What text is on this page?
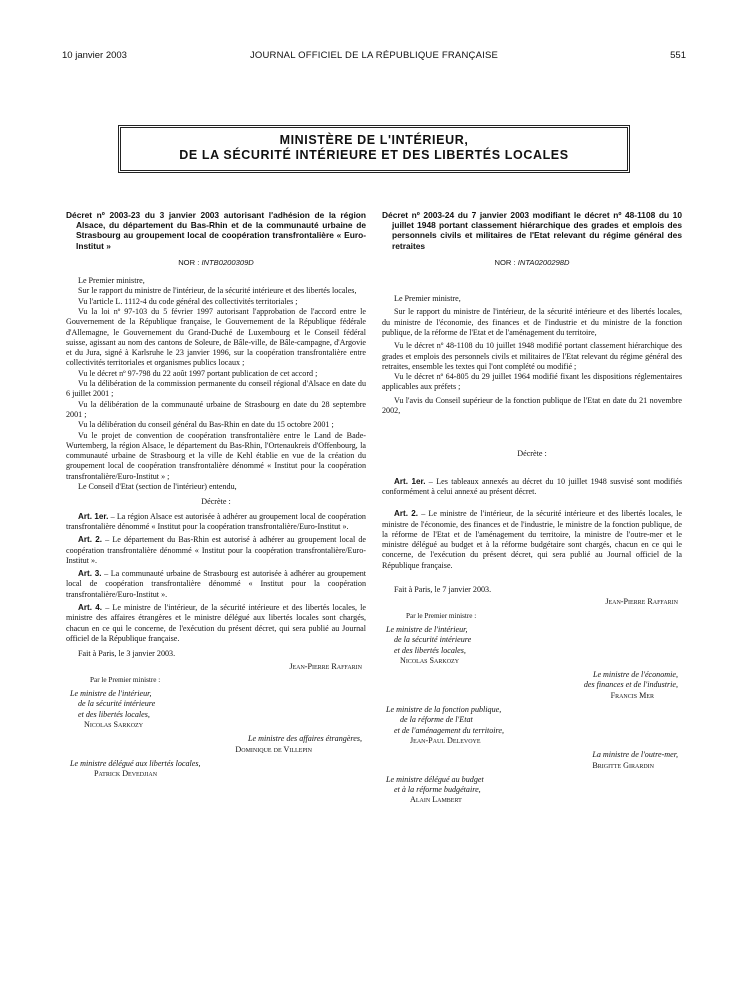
10 janvier 2003	JOURNAL OFFICIEL DE LA RÉPUBLIQUE FRANÇAISE	551
MINISTÈRE DE L'INTÉRIEUR,
DE LA SÉCURITÉ INTÉRIEURE ET DES LIBERTÉS LOCALES
Décret nº 2003-23 du 3 janvier 2003 autorisant l'adhésion de la région Alsace, du département du Bas-Rhin et de la communauté urbaine de Strasbourg au groupement local de coopération transfrontalière « Euro-Institut »
NOR : INTB0200309D

Le Premier ministre,

Sur le rapport du ministre de l'intérieur, de la sécurité intérieure et des libertés locales,

Vu l'article L. 1112-4 du code général des collectivités territoriales ;

Vu la loi nº 97-103 du 5 février 1997 autorisant l'approbation de l'accord entre le Gouvernement de la République française, le Gouvernement de la République fédérale d'Allemagne, le Gouvernement du Grand-Duché de Luxembourg et le Conseil fédéral suisse, agissant au nom des cantons de Soleure, de Bâle-ville, de Bâle-campagne, d'Argovie et du Jura, signé à Karlsruhe le 23 janvier 1996, sur la coopération transfrontalière entre collectivités territoriales et organismes publics locaux ;

Vu le décret nº 97-798 du 22 août 1997 portant publication de cet accord ;

Vu la délibération de la commission permanente du conseil régional d'Alsace en date du 6 juillet 2001 ;

Vu la délibération de la communauté urbaine de Strasbourg en date du 28 septembre 2001 ;

Vu la délibération du conseil général du Bas-Rhin en date du 15 octobre 2001 ;

Vu le projet de convention de coopération transfrontalière entre le Land de Bade-Wurtemberg, la région Alsace, le département du Bas-Rhin, l'Ortenaukreis d'Offenbourg, la communauté urbaine de Strasbourg et la ville de Kehl établie en vue de la création du groupement local de coopération transfrontalière dénommé « Institut pour la coopération transfrontalière/Euro-Institut » ;

Le Conseil d'Etat (section de l'intérieur) entendu,

Décrète :

Art. 1er. – La région Alsace est autorisée à adhérer au groupement local de coopération transfrontalière dénommé « Institut pour la coopération transfrontalière/Euro-Institut ».

Art. 2. – Le département du Bas-Rhin est autorisé à adhérer au groupement local de coopération transfrontalière dénommé « Institut pour la coopération transfrontalière/Euro-Institut ».

Art. 3. – La communauté urbaine de Strasbourg est autorisée à adhérer au groupement local de coopération transfrontalière dénommé « Institut pour la coopération transfrontalière/Euro-Institut ».

Art. 4. – Le ministre de l'intérieur, de la sécurité intérieure et des libertés locales, le ministre des affaires étrangères et le ministre délégué aux libertés locales sont chargés, chacun en ce qui le concerne, de l'exécution du présent décret, qui sera publié au Journal officiel de la République française.

Fait à Paris, le 3 janvier 2003.
Jean-Pierre Raffarin
Par le Premier ministre :
Le ministre de l'intérieur,
de la sécurité intérieure
et des libertés locales,
Nicolas Sarkozy
Le ministre des affaires étrangères,
Dominique de Villepin
Le ministre délégué aux libertés locales,
Patrick Devedjian
Décret nº 2003-24 du 7 janvier 2003 modifiant le décret nº 48-1108 du 10 juillet 1948 portant classement hiérarchique des grades et emplois des personnels civils et militaires de l'Etat relevant du régime général des retraites
NOR : INTA0200298D

Le Premier ministre,

Sur le rapport du ministre de l'intérieur, de la sécurité intérieure et des libertés locales, du ministre de l'économie, des finances et de l'industrie et du ministre de la fonction publique, de la réforme de l'Etat et de l'aménagement du territoire,

Vu le décret nº 48-1108 du 10 juillet 1948 modifié portant classement hiérarchique des grades et emplois des personnels civils et militaires de l'Etat relevant du régime général des retraites, ensemble les textes qui l'ont complété ou modifié ;

Vu le décret nº 64-805 du 29 juillet 1964 modifié fixant les dispositions réglementaires applicables aux préfets ;

Vu l'avis du Conseil supérieur de la fonction publique de l'Etat en date du 21 novembre 2002,

Décrète :

Art. 1er. – Les tableaux annexés au décret du 10 juillet 1948 susvisé sont modifiés conformément à celui annexé au présent décret.

Art. 2. – Le ministre de l'intérieur, de la sécurité intérieure et des libertés locales, le ministre de l'économie, des finances et de l'industrie, le ministre de la fonction publique, de la réforme de l'Etat et de l'aménagement du territoire, la ministre de l'outre-mer et le ministre délégué au budget et à la réforme budgétaire sont chargés, chacun en ce qui le concerne, de l'exécution du présent décret, qui sera publié au Journal officiel de la République française.

Fait à Paris, le 7 janvier 2003.
Jean-Pierre Raffarin
Par le Premier ministre :
Le ministre de l'intérieur,
de la sécurité intérieure
et des libertés locales,
Nicolas Sarkozy
Le ministre de l'économie,
des finances et de l'industrie,
Francis Mer
Le ministre de la fonction publique,
de la réforme de l'Etat
et de l'aménagement du territoire,
Jean-Paul Delevoye
La ministre de l'outre-mer,
Brigitte Girardin
Le ministre délégué au budget
et à la réforme budgétaire,
Alain Lambert
